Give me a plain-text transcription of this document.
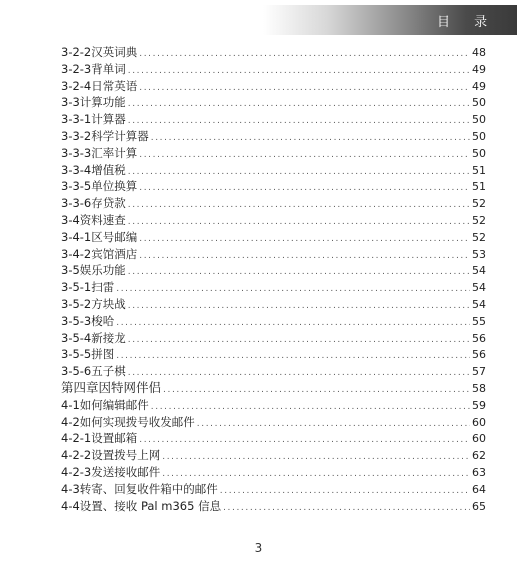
目 录
3-2-2 汉英词典 .....	48
3-2-3 背单词 .....	49
3-2-4 日常英语 .....	49
3-3 计算功能 .....	50
3-3-1 计算器 .....	50
3-3-2 科学计算器 .....	50
3-3-3 汇率计算 .....	50
3-3-4 增值税 .....	51
3-3-5 单位换算 .....	51
3-3-6 存贷款 .....	52
3-4 资料速查 .....	52
3-4-1 区号邮编 .....	52
3-4-2 宾馆酒店 .....	53
3-5 娱乐功能 .....	54
3-5-1 扫雷 .....	54
3-5-2 方块战 .....	54
3-5-3 梭哈 .....	55
3-5-4 新接龙 .....	56
3-5-5 拼图 .....	56
3-5-6 五子棋 .....	57
第四章 因特网伴侣 .....	58
4-1 如何编辑邮件 .....	59
4-2 如何实现拨号收发邮件 .....	60
4-2-1 设置邮箱 .....	60
4-2-2 设置拨号上网 .....	62
4-2-3 发送接收邮件 .....	63
4-3 转寄、回复收件箱中的邮件 .....	64
4-4 设置、接收 Pal m365 信息 .....	65
3
